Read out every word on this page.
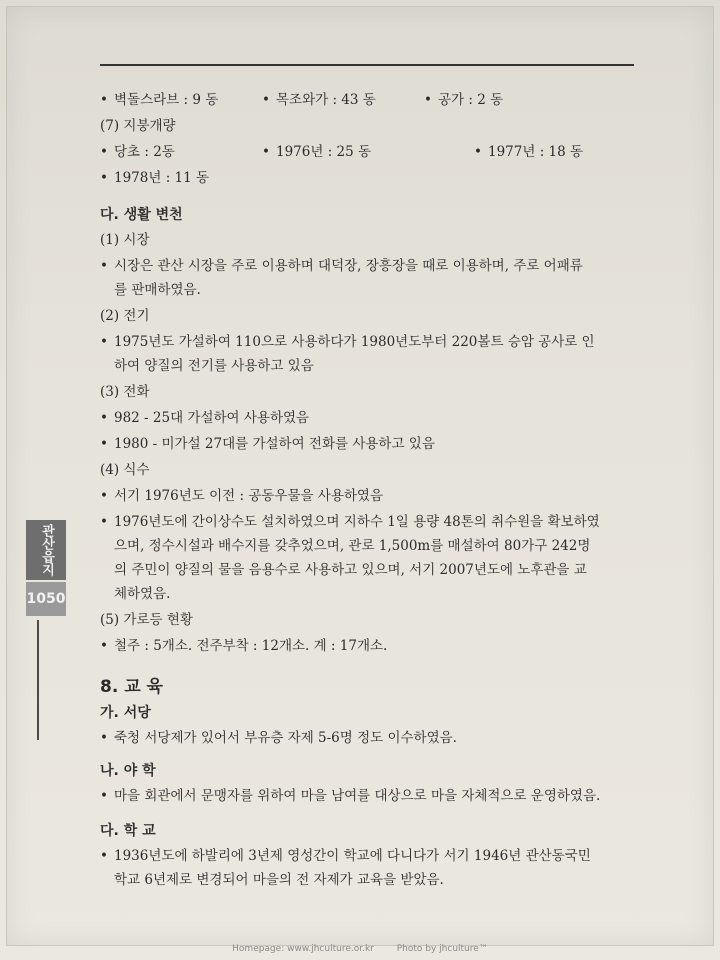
• 벽돌스라브 : 9 동	• 목조와가 : 43 동	• 공가 : 2 동
(7) 지붕개량
• 당초 : 2동	• 1976년 : 25 동	• 1977년 : 18 동
• 1978년 : 11 동
다. 생활 변천
(1) 시장
• 시장은 관산 시장을 주로 이용하며 대덕장, 장흥장을 때로 이용하며, 주로 어패류
를 판매하였음.
(2) 전기
• 1975년도 가설하여 110으로 사용하다가 1980년도부터 220볼트 승암 공사로 인
하여 양질의 전기를 사용하고 있음
(3) 전화
• 982 - 25대 가설하여 사용하였음
• 1980 - 미가설 27대를 가설하여 전화를 사용하고 있음
(4) 식수
• 서기 1976년도 이전 : 공동우물을 사용하였음
• 1976년도에 간이상수도 설치하였으며 지하수 1일 용량 48톤의 취수원을 확보하였
으며, 정수시설과 배수지를 갖추었으며, 관로 1,500m를 매설하여 80가구 242명
의 주민이 양질의 물을 음용수로 사용하고 있으며, 서기 2007년도에 노후관을 교
체하였음.
(5) 가로등 현황
• 철주 : 5개소. 전주부착 : 12개소. 계 : 17개소.
8. 교 육
가. 서당
• 죽청 서당제가 있어서 부유층 자제 5-6명 정도 이수하였음.
나. 야 학
• 마을 회관에서 문맹자를 위하여 마을 남여를 대상으로 마을 자체적으로 운영하였음.
다. 학 교
• 1936년도에 하발리에 3년제 영성간이 학교에 다니다가 서기 1946년 관산동국민
학교 6년제로 변경되어 마을의 전 자제가 교육을 받았음.
관산읍지
1050
Homepage: www.jhculture.or.kr	Photo by jhculture™
